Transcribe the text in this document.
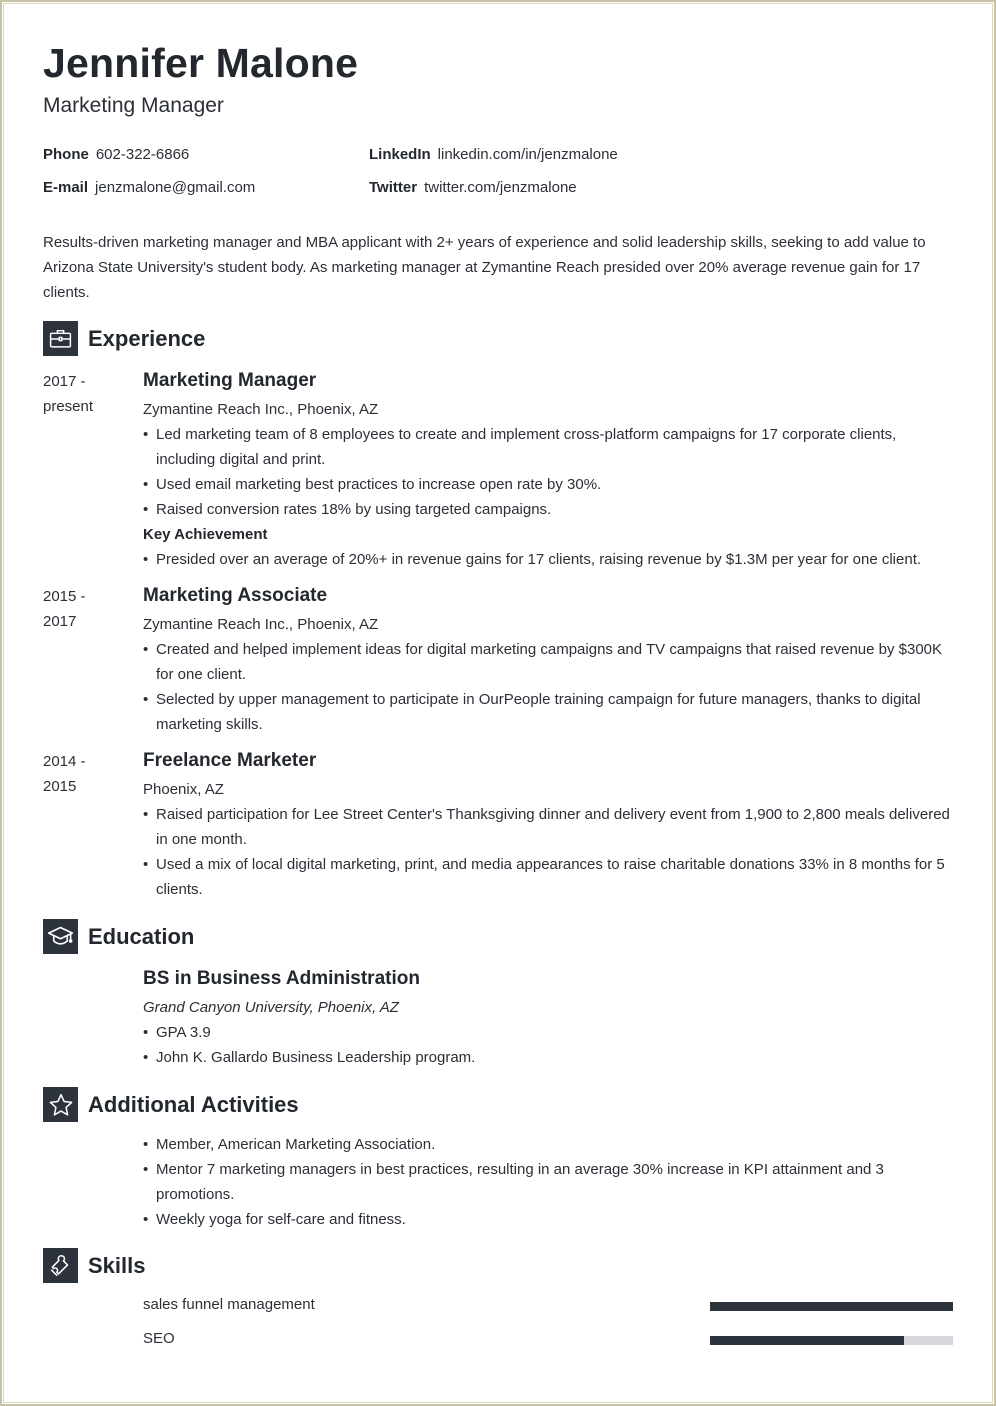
Jennifer Malone
Marketing Manager
Phone 602-322-6866
E-mail jenzmalone@gmail.com
LinkedIn linkedin.com/in/jenzmalone
Twitter twitter.com/jenzmalone
Results-driven marketing manager and MBA applicant with 2+ years of experience and solid leadership skills, seeking to add value to Arizona State University's student body. As marketing manager at Zymantine Reach presided over 20% average revenue gain for 17 clients.
Experience
2017 -
present
Marketing Manager
Zymantine Reach Inc., Phoenix, AZ
• Led marketing team of 8 employees to create and implement cross-platform campaigns for 17 corporate clients, including digital and print.
• Used email marketing best practices to increase open rate by 30%.
• Raised conversion rates 18% by using targeted campaigns.
Key Achievement
• Presided over an average of 20%+ in revenue gains for 17 clients, raising revenue by $1.3M per year for one client.
2015 -
2017
Marketing Associate
Zymantine Reach Inc., Phoenix, AZ
• Created and helped implement ideas for digital marketing campaigns and TV campaigns that raised revenue by $300K for one client.
• Selected by upper management to participate in OurPeople training campaign for future managers, thanks to digital marketing skills.
2014 -
2015
Freelance Marketer
Phoenix, AZ
• Raised participation for Lee Street Center's Thanksgiving dinner and delivery event from 1,900 to 2,800 meals delivered in one month.
• Used a mix of local digital marketing, print, and media appearances to raise charitable donations 33% in 8 months for 5 clients.
Education
BS in Business Administration
Grand Canyon University, Phoenix, AZ
• GPA 3.9
• John K. Gallardo Business Leadership program.
Additional Activities
• Member, American Marketing Association.
• Mentor 7 marketing managers in best practices, resulting in an average 30% increase in KPI attainment and 3 promotions.
• Weekly yoga for self-care and fitness.
Skills
sales funnel management
SEO
